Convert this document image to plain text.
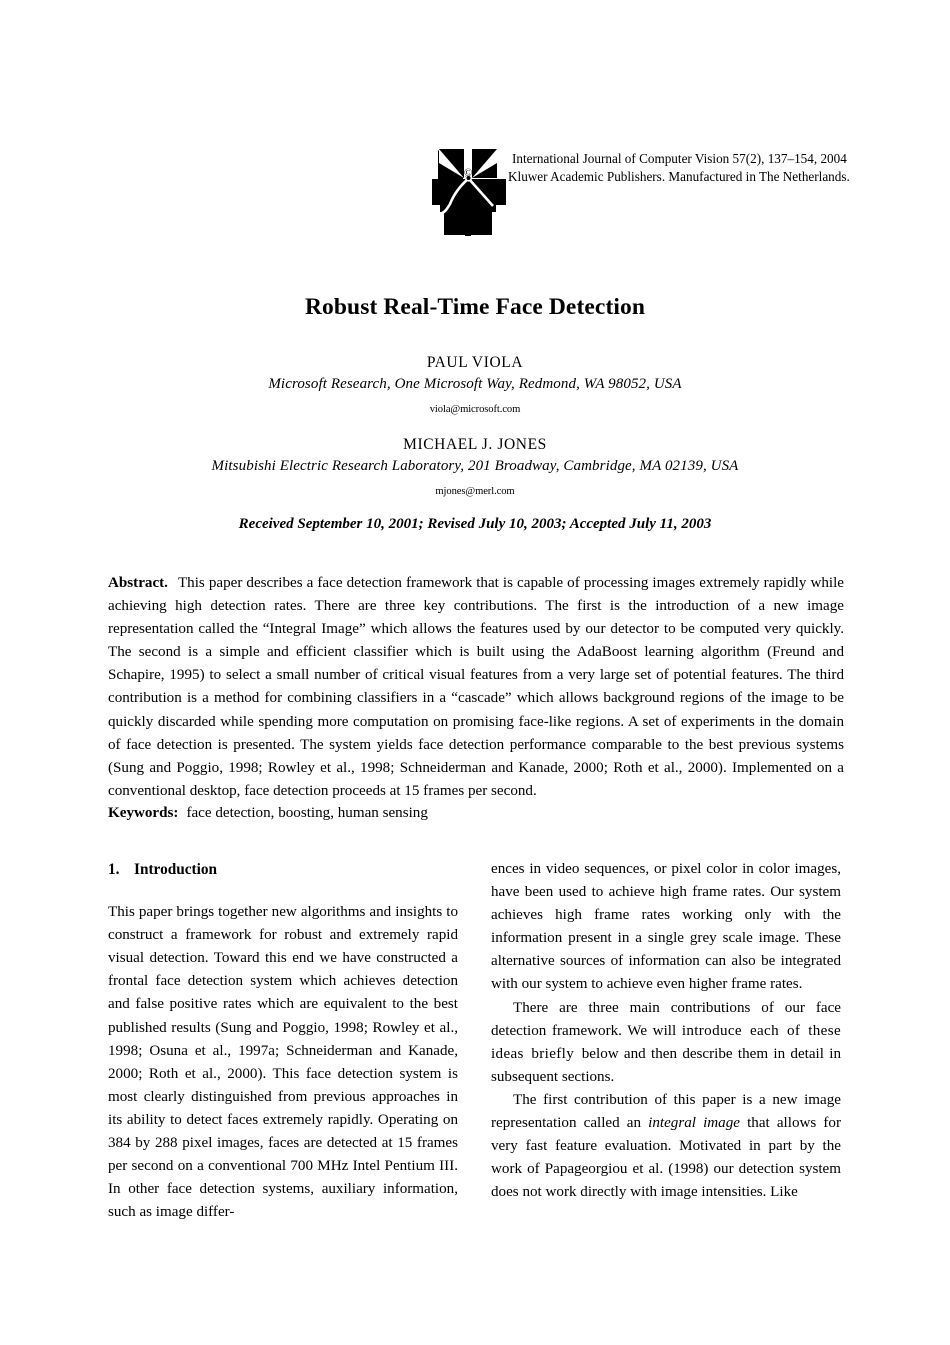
International Journal of Computer Vision 57(2), 137–154, 2004
Kluwer Academic Publishers. Manufactured in The Netherlands.
©
Robust Real-Time Face Detection
PAUL VIOLA
Microsoft Research, One Microsoft Way, Redmond, WA 98052, USA
viola@microsoft.com
MICHAEL J. JONES
Mitsubishi Electric Research Laboratory, 201 Broadway, Cambridge, MA 02139, USA
mjones@merl.com
Received September 10, 2001; Revised July 10, 2003; Accepted July 11, 2003
Abstract. This paper describes a face detection framework that is capable of processing images extremely rapidly while achieving high detection rates. There are three key contributions. The first is the introduction of a new image representation called the “Integral Image” which allows the features used by our detector to be computed very quickly. The second is a simple and efficient classifier which is built using the AdaBoost learning algorithm (Freund and Schapire, 1995) to select a small number of critical visual features from a very large set of potential features. The third contribution is a method for combining classifiers in a “cascade” which allows background regions of the image to be quickly discarded while spending more computation on promising face-like regions. A set of experiments in the domain of face detection is presented. The system yields face detection performance comparable to the best previous systems (Sung and Poggio, 1998; Rowley et al., 1998; Schneiderman and Kanade, 2000; Roth et al., 2000). Implemented on a conventional desktop, face detection proceeds at 15 frames per second.
Keywords: face detection, boosting, human sensing
1. Introduction

This paper brings together new algorithms and insights to construct a framework for robust and extremely rapid visual detection. Toward this end we have constructed a frontal face detection system which achieves detection and false positive rates which are equivalent to the best published results (Sung and Poggio, 1998; Rowley et al., 1998; Osuna et al., 1997a; Schneiderman and Kanade, 2000; Roth et al., 2000). This face detection system is most clearly distinguished from previous approaches in its ability to detect faces extremely rapidly. Operating on 384 by 288 pixel images, faces are detected at 15 frames per second on a conventional 700 MHz Intel Pentium III. In other face detection systems, auxiliary information, such as image differ-

ences in video sequences, or pixel color in color images, have been used to achieve high frame rates. Our system achieves high frame rates working only with the information present in a single grey scale image. These alternative sources of information can also be integrated with our system to achieve even higher frame rates.

There are three main contributions of our face detection framework. We will introduce each of these ideas briefly below and then describe them in detail in subsequent sections.

The first contribution of this paper is a new image representation called an integral image that allows for very fast feature evaluation. Motivated in part by the work of Papageorgiou et al. (1998) our detection system does not work directly with image intensities. Like
